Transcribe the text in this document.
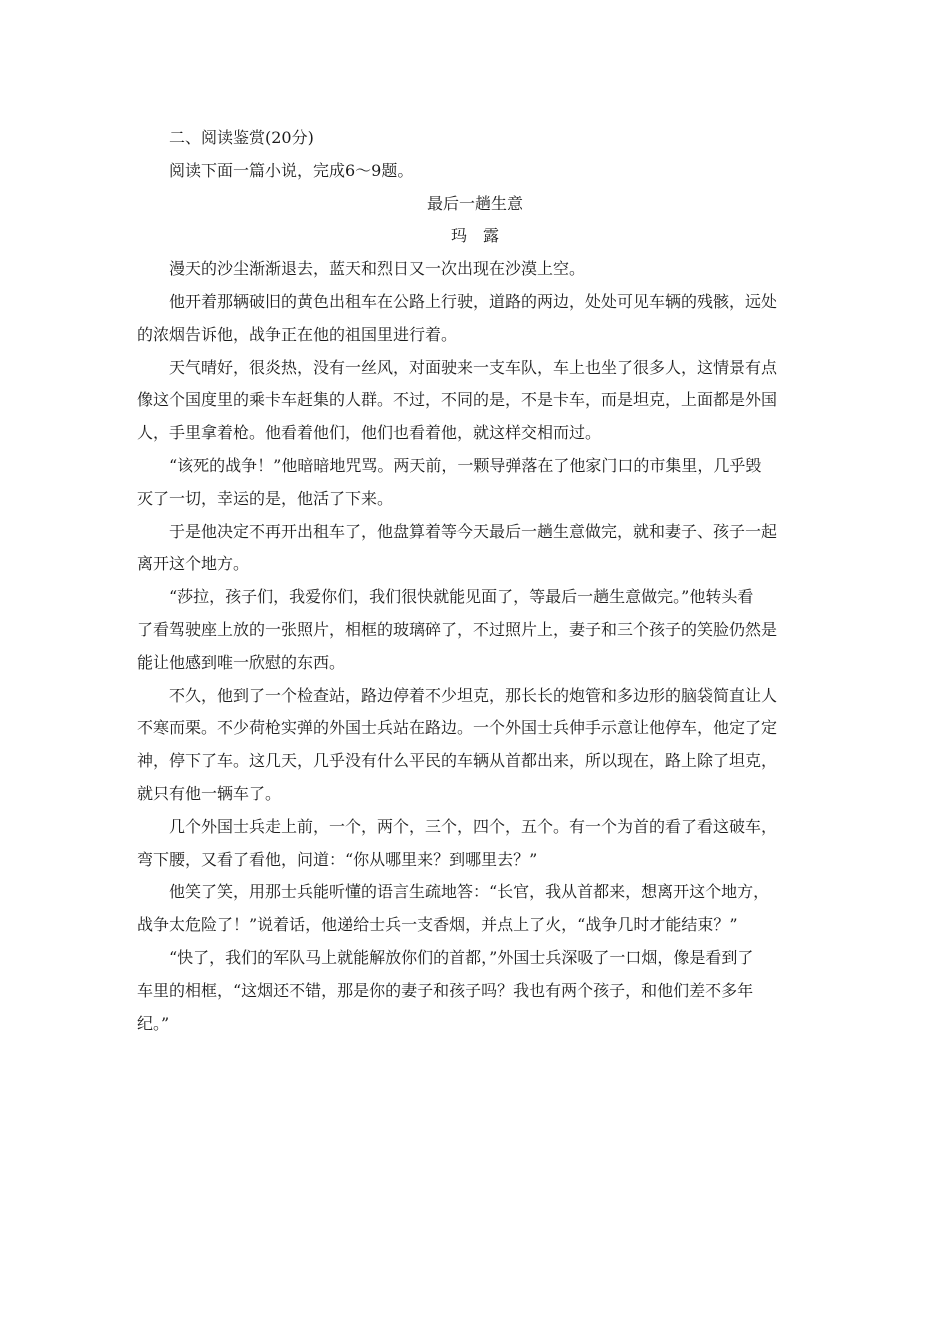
二、阅读鉴赏(20分)

阅读下面一篇小说，完成6～9题。

最后一趟生意

玛　露

漫天的沙尘渐渐退去，蓝天和烈日又一次出现在沙漠上空。
他开着那辆破旧的黄色出租车在公路上行驶，道路的两边，处处可见车辆的残骸，远处
的浓烟告诉他，战争正在他的祖国里进行着。
天气晴好，很炎热，没有一丝风，对面驶来一支车队，车上也坐了很多人，这情景有点
像这个国度里的乘卡车赶集的人群。不过，不同的是，不是卡车，而是坦克，上面都是外国
人，手里拿着枪。他看着他们，他们也看着他，就这样交相而过。
“该死的战争！”他暗暗地咒骂。两天前，一颗导弹落在了他家门口的市集里，几乎毁
灭了一切，幸运的是，他活了下来。
于是他决定不再开出租车了，他盘算着等今天最后一趟生意做完，就和妻子、孩子一起
离开这个地方。
“莎拉，孩子们，我爱你们，我们很快就能见面了，等最后一趟生意做完。”他转头看
了看驾驶座上放的一张照片，相框的玻璃碎了，不过照片上，妻子和三个孩子的笑脸仍然是
能让他感到唯一欣慰的东西。
不久，他到了一个检查站，路边停着不少坦克，那长长的炮管和多边形的脑袋简直让人
不寒而栗。不少荷枪实弹的外国士兵站在路边。一个外国士兵伸手示意让他停车，他定了定
神，停下了车。这几天，几乎没有什么平民的车辆从首都出来，所以现在，路上除了坦克，
就只有他一辆车了。
几个外国士兵走上前，一个，两个，三个，四个，五个。有一个为首的看了看这破车，
弯下腰，又看了看他，问道：“你从哪里来？到哪里去？”
他笑了笑，用那士兵能听懂的语言生疏地答：“长官，我从首都来，想离开这个地方，
战争太危险了！”说着话，他递给士兵一支香烟，并点上了火，“战争几时才能结束？”
“快了，我们的军队马上就能解放你们的首都，”外国士兵深吸了一口烟，像是看到了
车里的相框，“这烟还不错，那是你的妻子和孩子吗？我也有两个孩子，和他们差不多年
纪。”
